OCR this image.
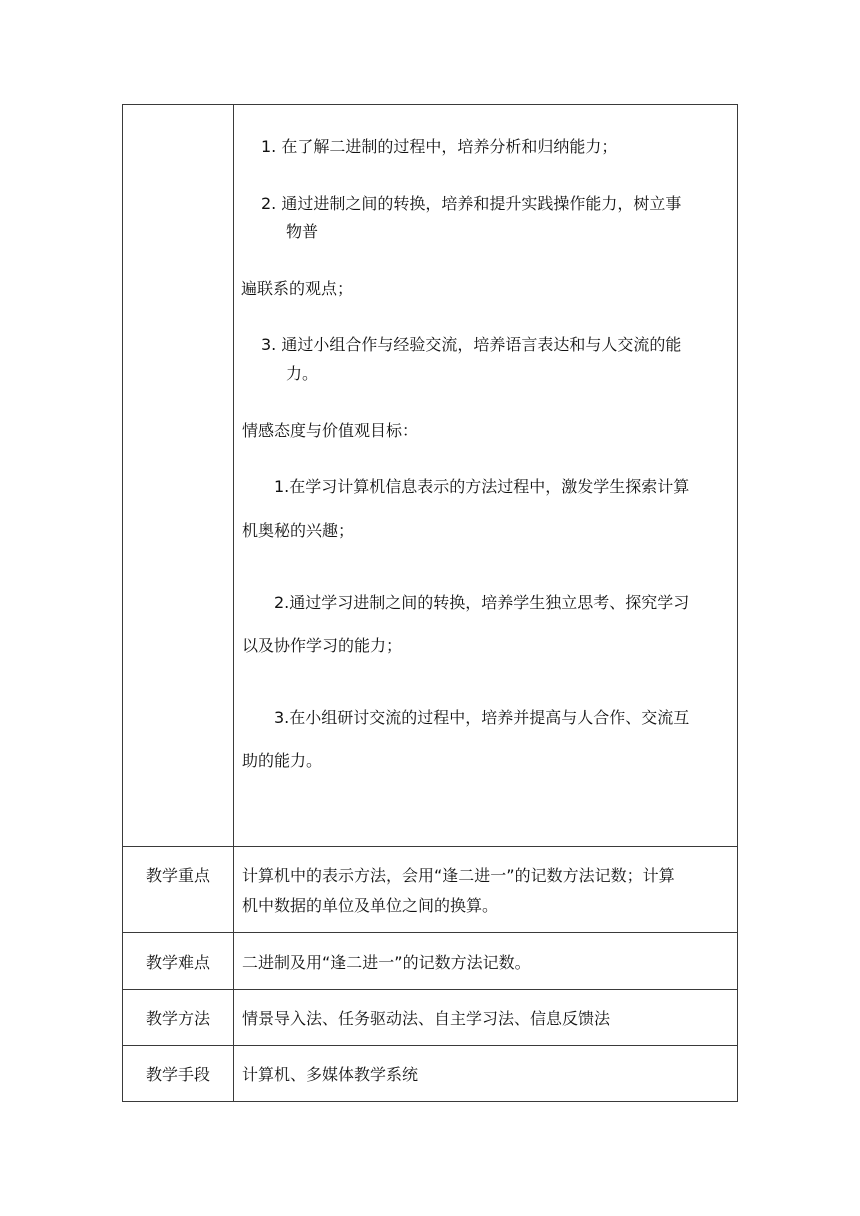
1. 在了解二进制的过程中，培养分析和归纳能力；
2. 通过进制之间的转换，培养和提升实践操作能力，树立事
物普
遍联系的观点；
3. 通过小组合作与经验交流，培养语言表达和与人交流的能
力。
情感态度与价值观目标：
1.在学习计算机信息表示的方法过程中，激发学生探索计算
机奥秘的兴趣；
2.通过学习进制之间的转换，培养学生独立思考、探究学习
以及协作学习的能力；
3.在小组研讨交流的过程中，培养并提高与人合作、交流互
助的能力。
教学重点	计算机中的表示方法，会用“逢二进一”的记数方法记数；计算
机中数据的单位及单位之间的换算。
教学难点	二进制及用“逢二进一”的记数方法记数。
教学方法	情景导入法、任务驱动法、自主学习法、信息反馈法
教学手段	计算机、多媒体教学系统
